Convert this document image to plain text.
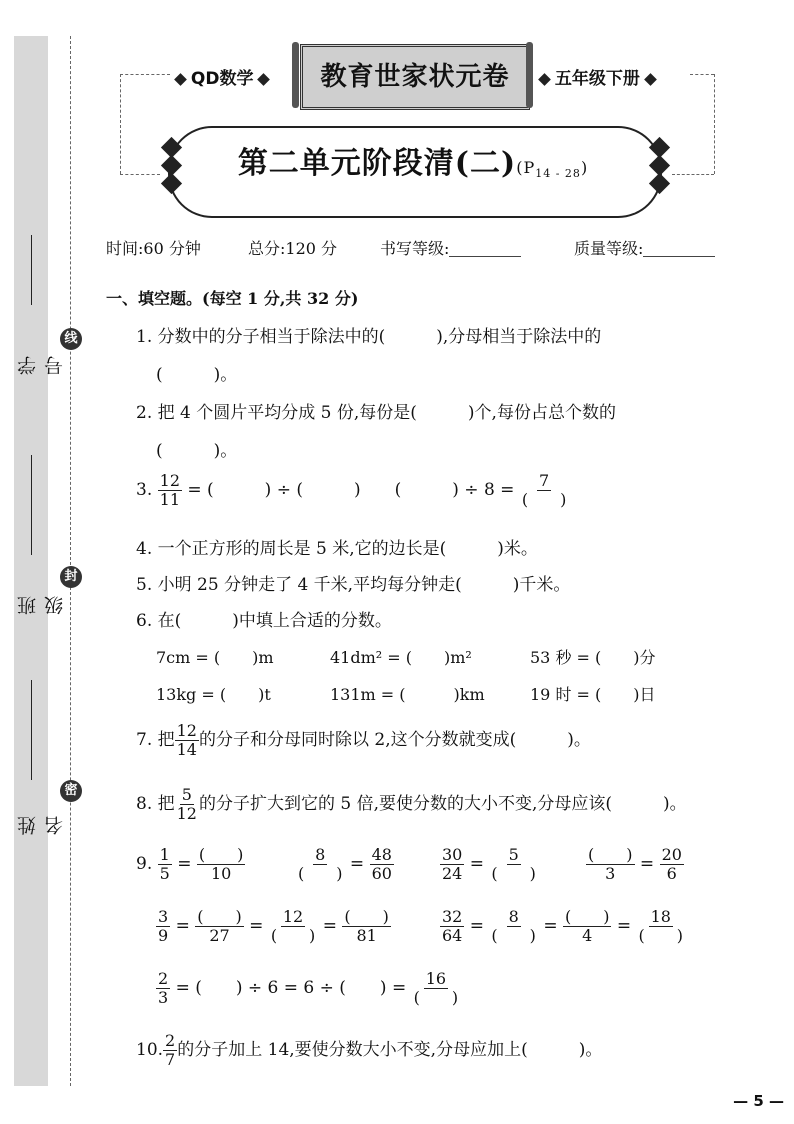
学号
班级
姓名
线
封
密
QD数学	教育世家状元卷	五年级下册
第二单元阶段清(二)$(P_{14 - 28})$
时间:60 分钟	总分:120 分	书写等级:	质量等级:
一、填空题。(每空 1 分,共 32 分)
1. 分数中的分子相当于除法中的(　　　),分母相当于除法中的
(　　　)。
2. 把 4 个圆片平均分成 5 份,每份是(　　　)个,每份占总个数的
(　　　)。
3. $\frac{12}{11}$ = (　　　) ÷ (　　　)　　(　　　) ÷ $8 = \frac{7}{( )}$
4. 一个正方形的周长是 5 米,它的边长是(　　　)米。
5. 小明 25 分钟走了 4 千米,平均每分钟走(　　　)千米。
6. 在(　　　)中填上合适的分数。
7cm = (　　)m	41dm² = (　　)m²	53 秒 = (　　)分
13kg = (　　)t	131m = (　　　)km	19 时 = (　　)日
7. 把 $\frac{12}{14}$ 的分子和分母同时除以 2,这个分数就变成(　　　)。
8. 把 $\frac{5}{12}$ 的分子扩大到它的 5 倍,要使分数的大小不变,分母应该(　　　)。
9. $\frac{1}{5} = \frac{( )}{10}$	$\frac{8}{( )} = \frac{48}{60}$	$\frac{30}{24} = \frac{5}{( )}$	$\frac{( )}{3} = \frac{20}{6}$
$\frac{3}{9} = \frac{( )}{27} = \frac{12}{( )} = \frac{( )}{81}$	$\frac{32}{64} = \frac{8}{( )} = \frac{( )}{4} = \frac{18}{( )}$
$\frac{2}{3}$ = (　　) ÷ 6 = 6 ÷ (　　) = $\frac{16}{( )}$
10. $\frac{2}{7}$ 的分子加上 14,要使分数大小不变,分母应加上(　　　)。
— 5 —
